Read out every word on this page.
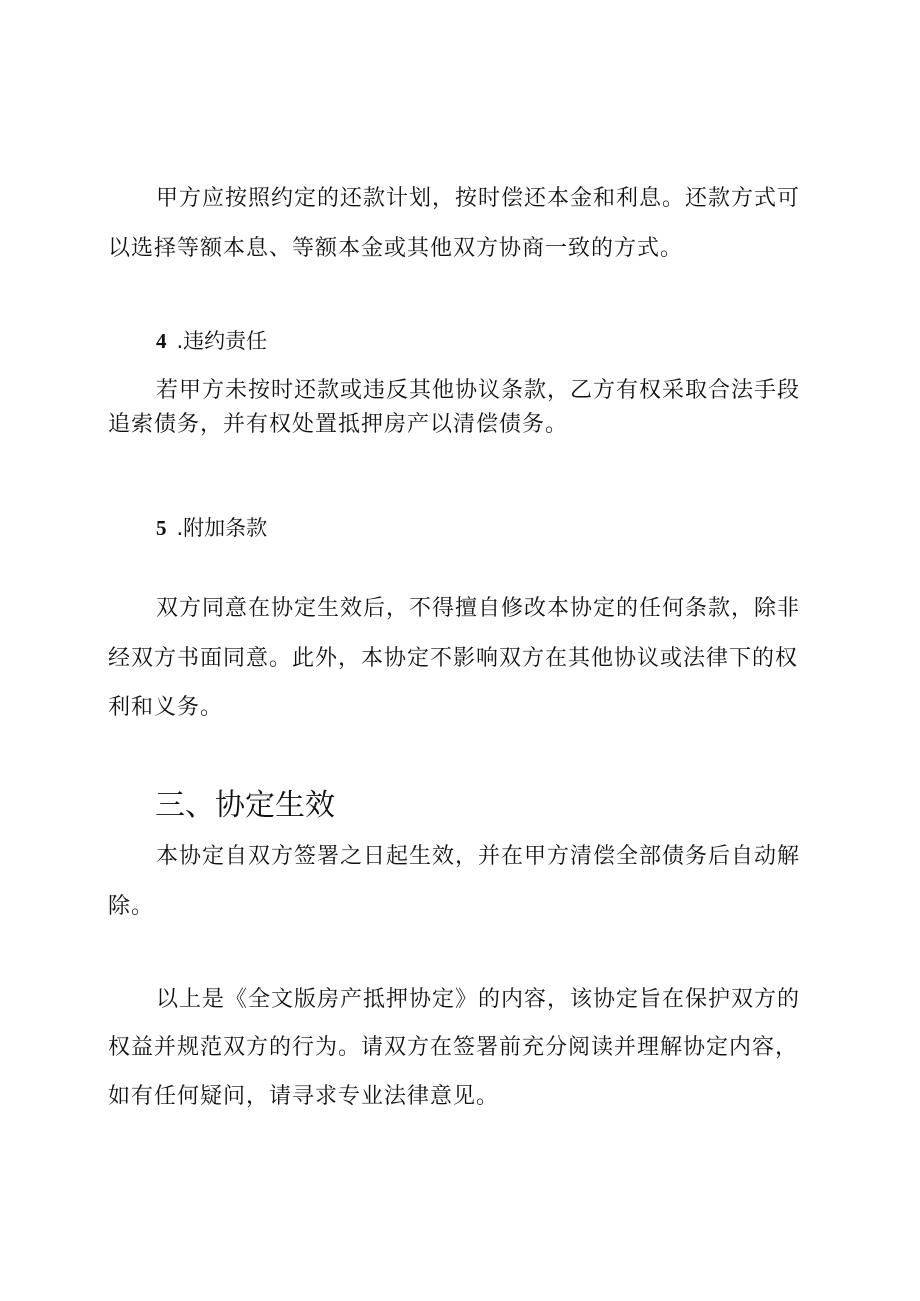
甲方应按照约定的还款计划，按时偿还本金和利息。还款方式可
以选择等额本息、等额本金或其他双方协商一致的方式。
4 .违约责任
若甲方未按时还款或违反其他协议条款，乙方有权采取合法手段
追索债务，并有权处置抵押房产以清偿债务。
5 .附加条款
双方同意在协定生效后，不得擅自修改本协定的任何条款，除非
经双方书面同意。此外，本协定不影响双方在其他协议或法律下的权
利和义务。
三、协定生效
本协定自双方签署之日起生效，并在甲方清偿全部债务后自动解
除。
以上是《全文版房产抵押协定》的内容，该协定旨在保护双方的
权益并规范双方的行为。请双方在签署前充分阅读并理解协定内容，
如有任何疑问，请寻求专业法律意见。
